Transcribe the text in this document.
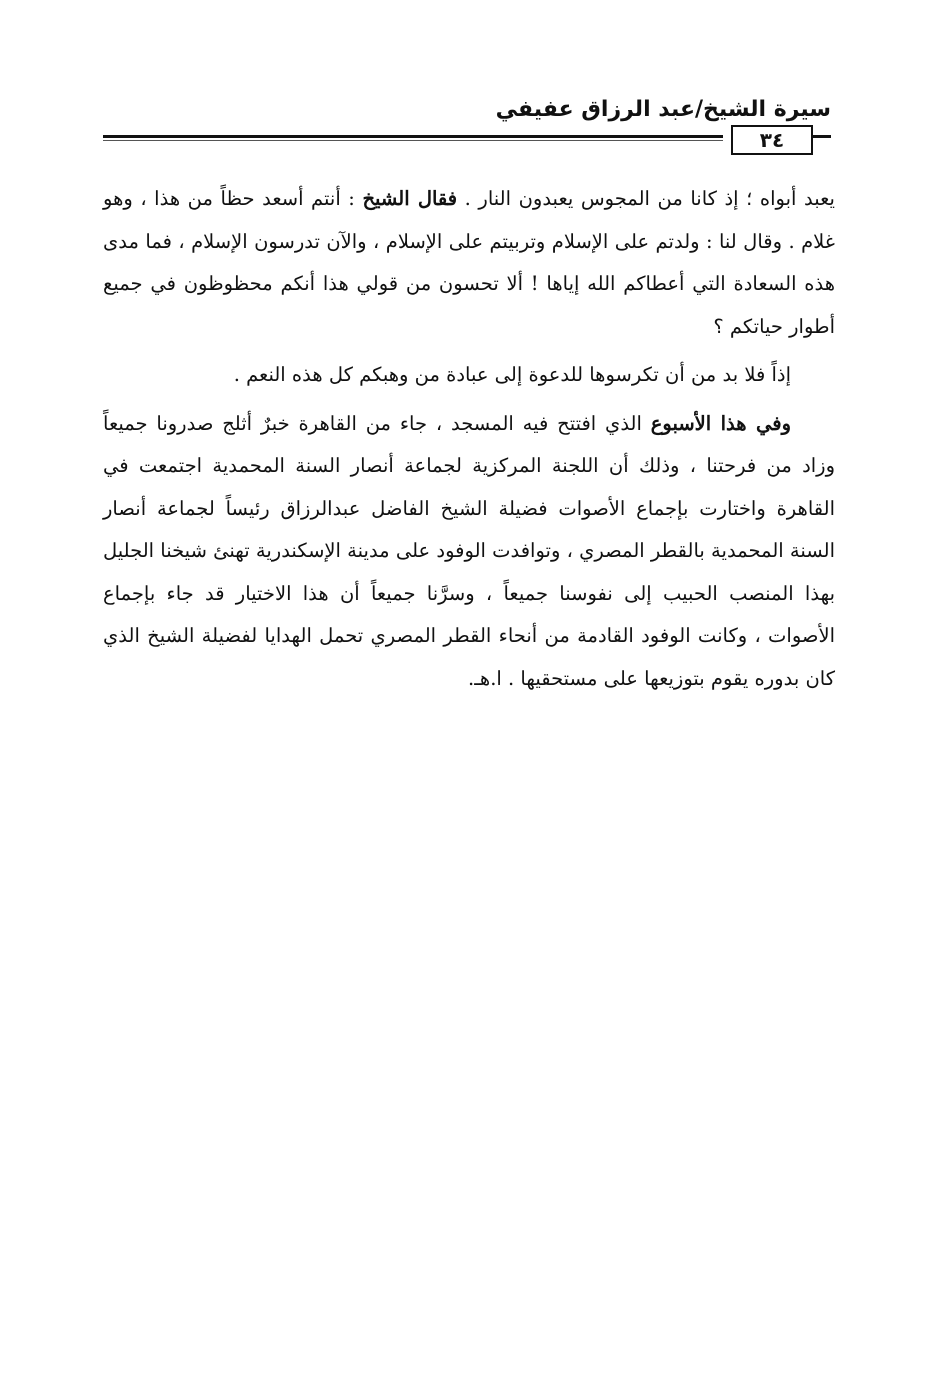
سيرة الشيخ/عبد الرزاق عفيفي
٣٤

يعبد أبواه ؛ إذ كانا من المجوس يعبدون النار . فقال الشيخ : أنتم أسعد حظاً من هذا ، وهو غلام . وقال لنا : ولدتم على الإسلام وتربيتم على الإسلام ، والآن تدرسون الإسلام ، فما مدى هذه السعادة التي أعطاكم الله إياها ! ألا تحسون من قولي هذا أنكم محظوظون في جميع أطوار حياتكم ؟

إذاً فلا بد من أن تكرسوها للدعوة إلى عبادة من وهبكم كل هذه النعم .

وفي هذا الأسبوع الذي افتتح فيه المسجد ، جاء من القاهرة خبرٌ أثلج صدرونا جميعاً وزاد من فرحتنا ، وذلك أن اللجنة المركزية لجماعة أنصار السنة المحمدية اجتمعت في القاهرة واختارت بإجماع الأصوات فضيلة الشيخ الفاضل عبدالرزاق رئيساً لجماعة أنصار السنة المحمدية بالقطر المصري ، وتوافدت الوفود على مدينة الإسكندرية تهنئ شيخنا الجليل بهذا المنصب الحبيب إلى نفوسنا جميعاً ، وسرَّنا جميعاً أن هذا الاختيار قد جاء بإجماع الأصوات ، وكانت الوفود القادمة من أنحاء القطر المصري تحمل الهدايا لفضيلة الشيخ الذي كان بدوره يقوم بتوزيعها على مستحقيها . ا.هـ.
